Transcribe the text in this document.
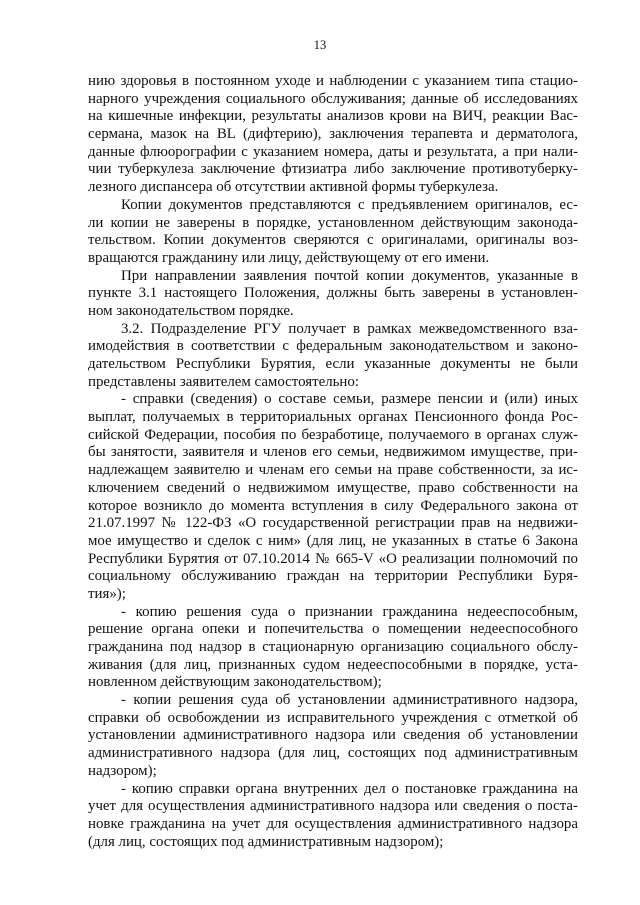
13
нию здоровья в постоянном уходе и наблюдении с указанием типа стацио-
нарного учреждения социального обслуживания; данные об исследованиях
на кишечные инфекции, результаты анализов крови на ВИЧ, реакции Вас-
сермана, мазок на BL (дифтерию), заключения терапевта и дерматолога,
данные флюорографии с указанием номера, даты и результата, а при нали-
чии туберкулеза заключение фтизиатра либо заключение противотуберку-
лезного диспансера об отсутствии активной формы туберкулеза.
Копии документов представляются с предъявлением оригиналов, ес-
ли копии не заверены в порядке, установленном действующим законода-
тельством. Копии документов сверяются с оригиналами, оригиналы воз-
вращаются гражданину или лицу, действующему от его имени.
При направлении заявления почтой копии документов, указанные в
пункте 3.1 настоящего Положения, должны быть заверены в установлен-
ном законодательством порядке.
3.2. Подразделение РГУ получает в рамках межведомственного вза-
имодействия в соответствии с федеральным законодательством и законо-
дательством Республики Бурятия, если указанные документы не были
представлены заявителем самостоятельно:
- справки (сведения) о составе семьи, размере пенсии и (или) иных
выплат, получаемых в территориальных органах Пенсионного фонда Рос-
сийской Федерации, пособия по безработице, получаемого в органах служ-
бы занятости, заявителя и членов его семьи, недвижимом имуществе, при-
надлежащем заявителю и членам его семьи на праве собственности, за ис-
ключением сведений о недвижимом имуществе, право собственности на
которое возникло до момента вступления в силу Федерального закона от
21.07.1997 № 122-ФЗ «О государственной регистрации прав на недвижи-
мое имущество и сделок с ним» (для лиц, не указанных в статье 6 Закона
Республики Бурятия от 07.10.2014 № 665-V «О реализации полномочий по
социальному обслуживанию граждан на территории Республики Буря-
тия»);
- копию решения суда о признании гражданина недееспособным,
решение органа опеки и попечительства о помещении недееспособного
гражданина под надзор в стационарную организацию социального обслу-
живания (для лиц, признанных судом недееспособными в порядке, уста-
новленном действующим законодательством);
- копии решения суда об установлении административного надзора,
справки об освобождении из исправительного учреждения с отметкой об
установлении административного надзора или сведения об установлении
административного надзора (для лиц, состоящих под административным
надзором);
- копию справки органа внутренних дел о постановке гражданина на
учет для осуществления административного надзора или сведения о поста-
новке гражданина на учет для осуществления административного надзора
(для лиц, состоящих под административным надзором);
